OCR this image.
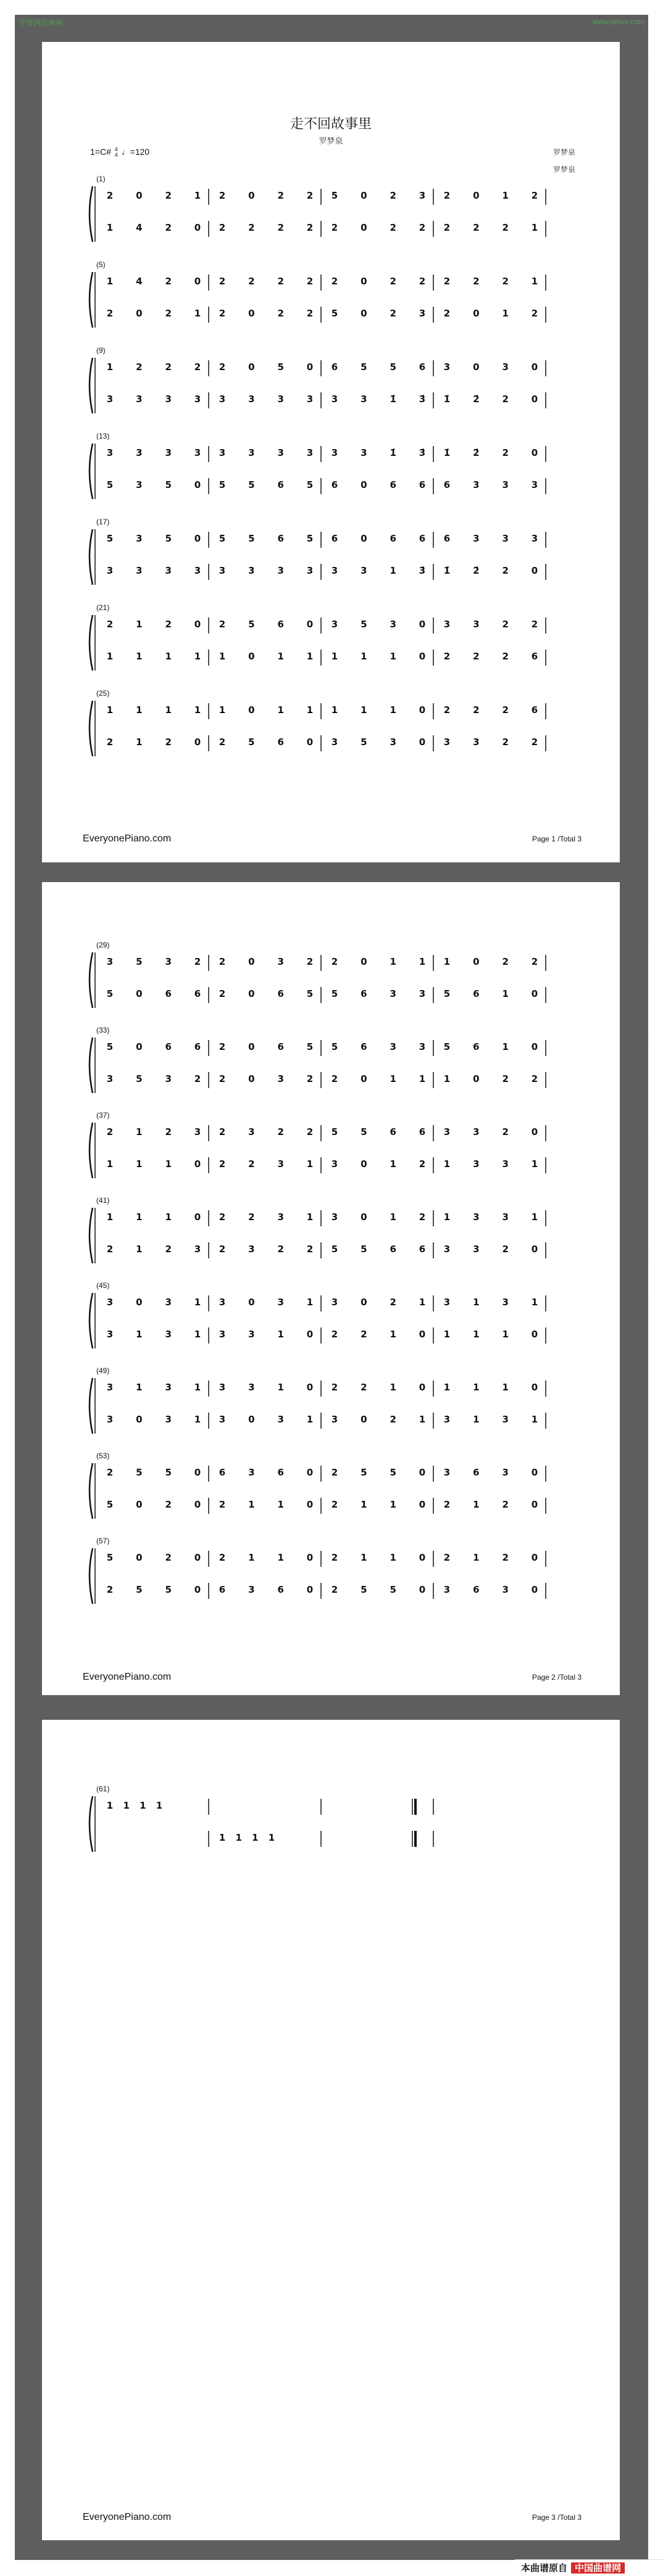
·
·
·
·
·
·
·
·
·
·
·
·
·
·
·
·
·
·
·
·
·
·
·
·
·
·
·
·
·
·
·
·
·
·
·
·
·
·
·
·
·
·
·
·
·
·
·
·
·
·
·
·
·
·
·
·
·
·
·
·
·
·
·
·
·
·
·
·
·
·
·
·
·
·
·
·
·
·
·
·
·
·
·
·
·
·
·
·
·
·
·
·
·
·
·
·
·
·
·
·
·
·
·
·
·
·
·
·
·
·
·
·
·
·
·
·
·
·
·
·
·
·
·
·
·
·
·
·
·
·
·
·
·
·
·
·
·
·
·
·
·
·
·
·
·
·
·
·
·
·

·
·
·
·
·
·
·
·
·
·
·
·
·
·
·
·
·
·
·
·
·
·
·
·
·
·
·
·
·
·
·
·
·
·
·
·
·
·
·
·
·
·
·
·
·
·
·
·
·
·
·
·
·
·
·
·
·
·
·
·
·
·
·
·
·
·
·
·
·
·
·
·
·
·
·
·
·
·
·
·
·
·
·
·
·
·
·
·
·
·
·
·
·
·
·
·
·
·
·
·
·
·
·
·
·
·
·
·
·
·
·
·
·
·
·
·
·
·
·
·
·
·
·
·
·
·
·
·
·
·
·
·
·
·
·
·
·
·
·
·
·
·
·
·
·
·
·
·
·
·

学琴网总体频	www.qinuo.com
走不回故事里
罗梦泉
罗梦泉
罗梦泉
1=C# 4
4 ♩=120
(1)
2 0 2 1 2 0 2 2 5 0 2 3 2 0 1 2
1 4 2 0 2 2 2 2 2 0 2 2 2 2 2 1
(5)
1 4 2 0 2 2 2 2 2 0 2 2 2 2 2 1
2 0 2 1 2 0 2 2 5 0 2 3 2 0 1 2
(9)
1 2 2 2 2 0 5 0 6 5 5 6 3 0 3 0
3 3 3 3 3 3 3 3 3 3 1̇ 3̇ 1̇ 2̇ 2 0
(13)
3 3 3 3 3 3 3 3 3 3 1̇ 3̇ 1̇ 2̇ 2 0
5 3 5 0 5 5 6 5 6 0 6 6 6 3 3 3
(17)
5 3 5 0 5 5 6 5 6 0 6 6 6 3 3 3
3 3 3 3 3 3 3 3 3 3 1 3̇ 1̇ 2̇ 2 0
(21)
2 1 2 0 2 5 6 0 3 5 3 0 3 3 2 2
1 1 1 1 1 0 1 1 1 1 1 0 2 2 2 6
(25)
1 1 1 1 1 0 1 1 1 1 1 0 2 2 2 6
2 1 2 0 2 5 6 0 3 5 3 0 3 3 2 2
EveryonePiano.com	Page 1 /Total 3
(29)
3 5 3 2 2 0 3 2 2 0 1 1 1 0 2 2
5 0 6 6 2 0 6 5 5 6 3 3 5 6 1 0
(33)
5 0 6 6 2 0 6 5 5 6 3 3 5 6 1 0
3 5 3 2 2 0 3 2 2 0 1 1 1 0 2 2
(37)
2 1 2 3 2 3 2 2 5 5 6 6 3 3 2 0
1 1 1 0 2 2 3 1 3 0 1 2 1 3 3 1
(41)
1 1 1 0 2 2 3 1 3 0 1 2 1 3 3 1
2 1 2 3 2 3 2 2 5 5 6 6 3 3 2 0
(45)
3 0 3 1 3 0 3 1 3 0 2 1 3 1 3 1
3 1 3 1 3 3 1 0 2 2 1 0 1 1 1 0
(49)
3 1 3 1 3 3 1 0 2 2 1 0 1 1 1 0
3 0 3 1 3 0 3 1 3 0 2 1 3 1 3 1
(53)
2 5 5 0 6 3 6 0 2 5 5 0 3 6 3 0
5 0 2 0 2 1 1 0 2 1 1 0 2 1 2 0
(57)
5 0 2 0 2 1 1 0 2 1 1 0 2 1 2 0
2 5 5 0 6 3 6 0 2 5 5 0 3 6 3 0
EveryonePiano.com	Page 2 /Total 3
(61)
1 1 1 1
1 1 1 1
EveryonePiano.com	Page 3 /Total 3
本曲谱原自 中国曲谱网
